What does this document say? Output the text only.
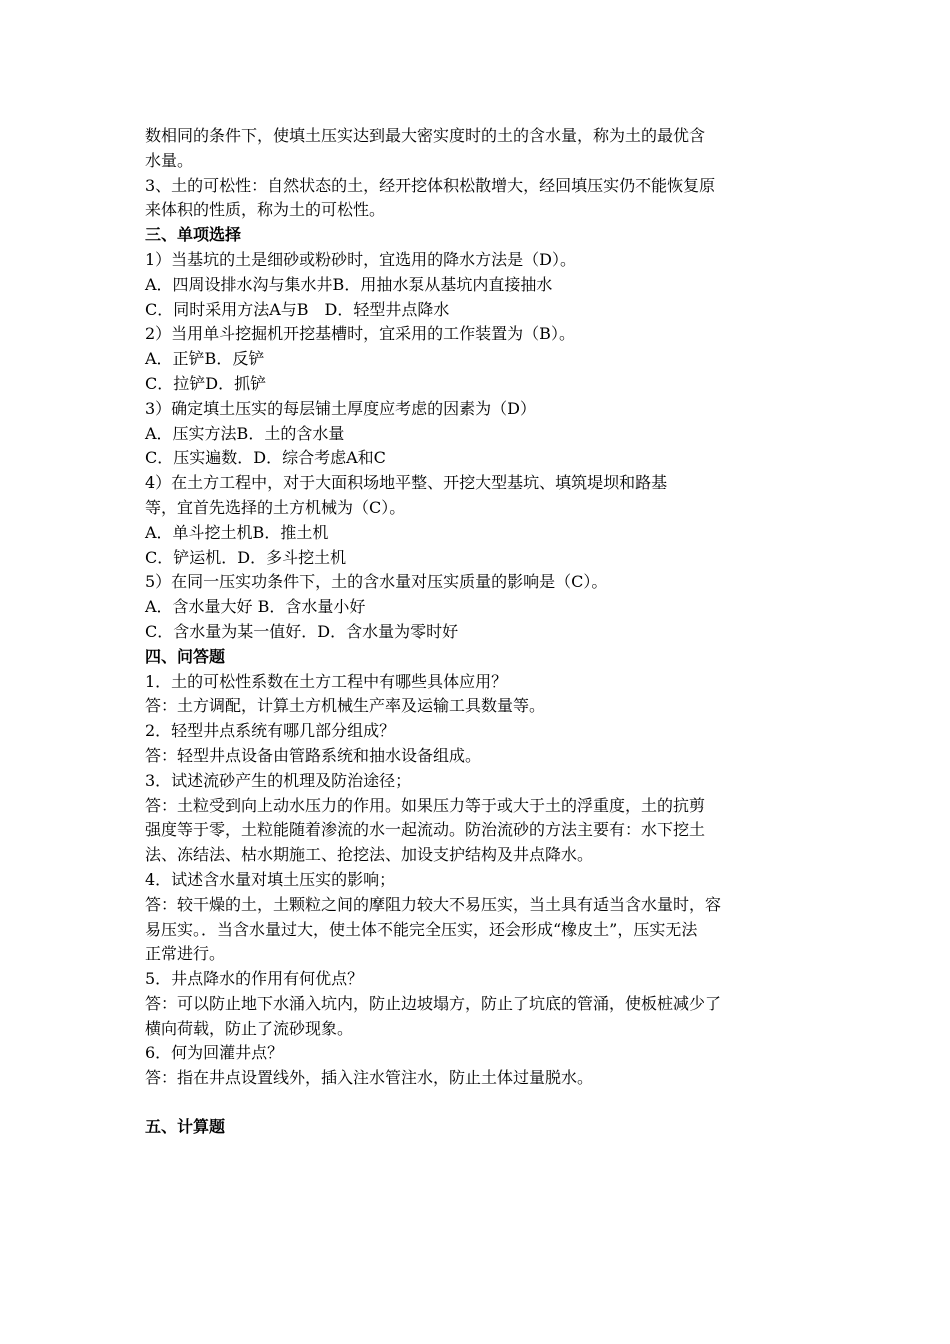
数相同的条件下，使填土压实达到最大密实度时的土的含水量，称为土的最优含
水量。
3、土的可松性：自然状态的土，经开挖体积松散增大，经回填压实仍不能恢复原
来体积的性质，称为土的可松性。
三、单项选择
1）当基坑的土是细砂或粉砂时，宜选用的降水方法是（D）。
A．四周设排水沟与集水井B．用抽水泵从基坑内直接抽水
C．同时采用方法A与B　D．轻型井点降水
2）当用单斗挖掘机开挖基槽时，宜采用的工作装置为（B）。
A．正铲B．反铲
C．拉铲D．抓铲
3）确定填土压实的每层铺土厚度应考虑的因素为（D）
A．压实方法B．土的含水量
C．压实遍数．D．综合考虑A和C
4）在土方工程中，对于大面积场地平整、开挖大型基坑、填筑堤坝和路基
等，宜首先选择的土方机械为（C）。
A．单斗挖土机B．推土机
C．铲运机．D．多斗挖土机
5）在同一压实功条件下，土的含水量对压实质量的影响是（C）。
A．含水量大好 B．含水量小好
C．含水量为某一值好．D．含水量为零时好
四、问答题
1．土的可松性系数在土方工程中有哪些具体应用？
答：土方调配，计算土方机械生产率及运输工具数量等。
2．轻型井点系统有哪几部分组成？
答：轻型井点设备由管路系统和抽水设备组成。
3．试述流砂产生的机理及防治途径；
答：土粒受到向上动水压力的作用。如果压力等于或大于土的浮重度，土的抗剪
强度等于零，土粒能随着渗流的水一起流动。防治流砂的方法主要有：水下挖土
法、冻结法、枯水期施工、抢挖法、加设支护结构及井点降水。
4．试述含水量对填土压实的影响；
答：较干燥的土，土颗粒之间的摩阻力较大不易压实，当土具有适当含水量时，容
易压实。．当含水量过大，使土体不能完全压实，还会形成“橡皮土”，压实无法
正常进行。
5．井点降水的作用有何优点？
答：可以防止地下水涌入坑内，防止边坡塌方，防止了坑底的管涌，使板桩减少了
横向荷载，防止了流砂现象。
6．何为回灌井点？
答：指在井点设置线外，插入注水管注水，防止土体过量脱水。
五、计算题
